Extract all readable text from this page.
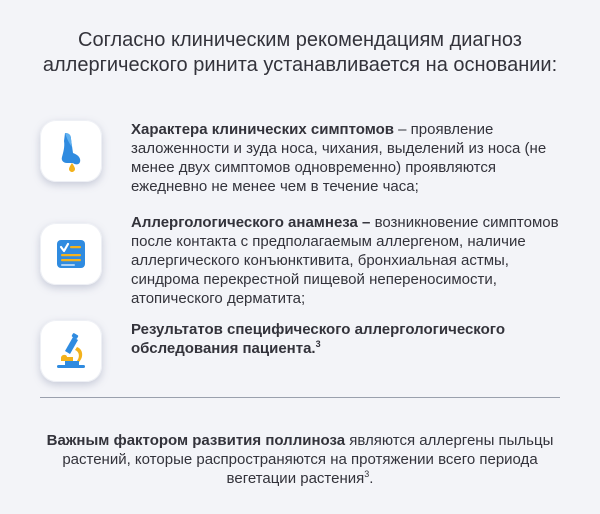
Согласно клиническим рекомендациям диагноз аллергического ринита устанавливается на основании:
Характера клинических симптомов – проявление заложенности и зуда носа, чихания, выделений из носа (не менее двух симптомов одновременно) проявляются ежедневно не менее чем в течение часа;
Аллергологического анамнеза – возникновение симптомов после контакта с предполагаемым аллергеном, наличие аллергического конъюнктивита, бронхиальная астмы, синдрома перекрестной пищевой непереносимости, атопического дерматита;
Результатов специфического аллергологического обследования пациента.$^3$
Важным фактором развития поллиноза являются аллергены пыльцы растений, которые распространяются на протяжении всего периода вегетации растения$^3$.
